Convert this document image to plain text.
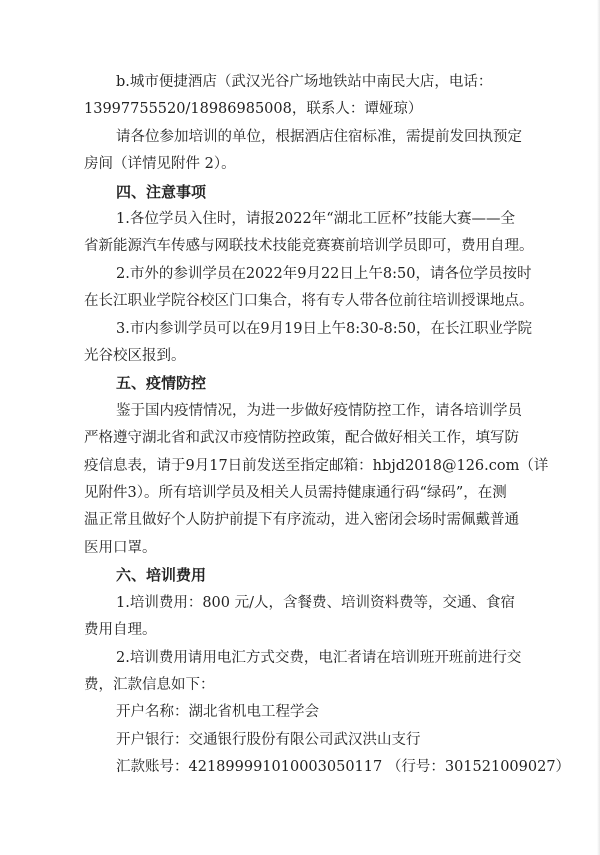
b.城市便捷酒店（武汉光谷广场地铁站中南民大店，电话：
13997755520/18986985008，联系人：谭娅琼）
请各位参加培训的单位，根据酒店住宿标准，需提前发回执预定
房间（详情见附件 2）。
四、注意事项
1.各位学员入住时，请报2022年“湖北工匠杯”技能大赛——全
省新能源汽车传感与网联技术技能竞赛赛前培训学员即可，费用自理。
2.市外的参训学员在2022年9月22日上午8:50，请各位学员按时
在长江职业学院谷校区门口集合，将有专人带各位前往培训授课地点。
3.市内参训学员可以在9月19日上午8:30-8:50，在长江职业学院
光谷校区报到。
五、疫情防控
鉴于国内疫情情况，为进一步做好疫情防控工作，请各培训学员
严格遵守湖北省和武汉市疫情防控政策，配合做好相关工作，填写防
疫信息表，请于9月17日前发送至指定邮箱：hbjd2018@126.com（详
见附件3）。所有培训学员及相关人员需持健康通行码“绿码”，在测
温正常且做好个人防护前提下有序流动，进入密闭会场时需佩戴普通
医用口罩。
六、培训费用
1.培训费用：800 元/人，含餐费、培训资料费等，交通、食宿
费用自理。
2.培训费用请用电汇方式交费，电汇者请在培训班开班前进行交
费，汇款信息如下：
开户名称：湖北省机电工程学会
开户银行：交通银行股份有限公司武汉洪山支行
汇款账号：421899991010003050117 （行号：301521009027）
